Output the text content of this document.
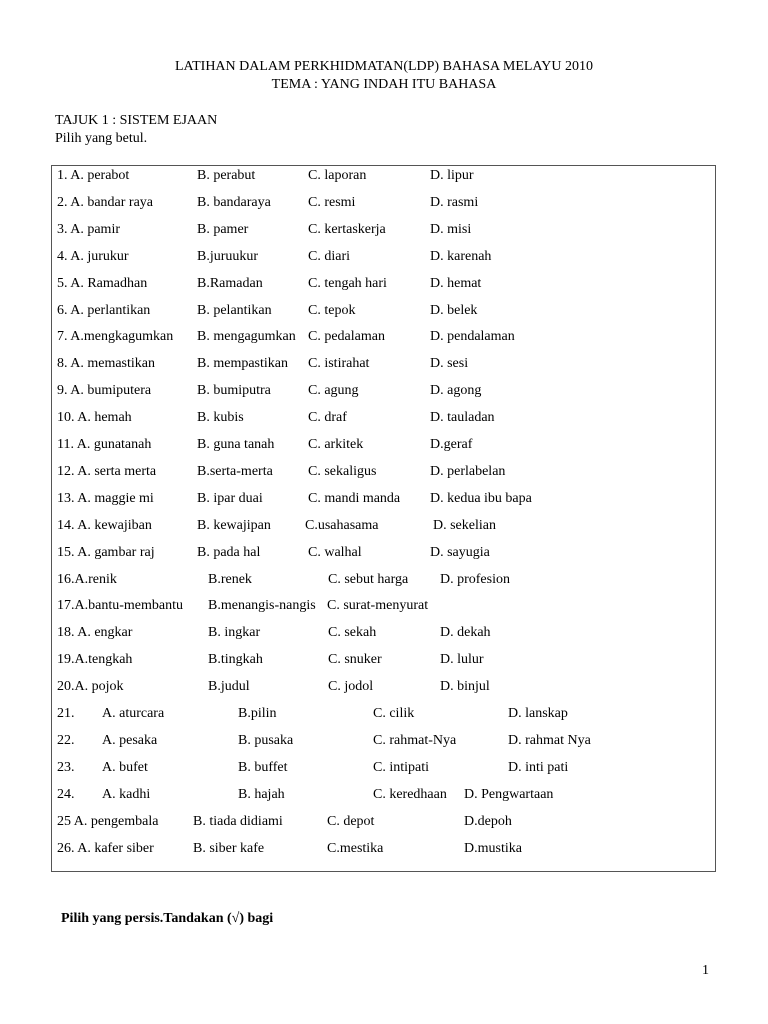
LATIHAN DALAM PERKHIDMATAN(LDP) BAHASA MELAYU 2010
TEMA : YANG INDAH ITU BAHASA
TAJUK 1 : SISTEM EJAAN
Pilih yang betul.
1. A. perabot	B. perabut	C. laporan	D. lipur
2. A. bandar raya	B. bandaraya	C. resmi	D. rasmi
3. A. pamir	B. pamer	C. kertaskerja	D. misi
4. A. jurukur	B.juruukur	C. diari	D. karenah
5. A. Ramadhan	B.Ramadan	C. tengah hari	D. hemat
6. A. perlantikan	B. pelantikan	C. tepok	D. belek
7. A.mengkagumkan B. mengagumkan C. pedalaman	D. pendalaman
8. A. memastikan	B. mempastikan C. istirahat	D. sesi
9. A. bumiputera	B. bumiputra	C. agung	D. agong
10. A. hemah	B. kubis	C. draf	D. tauladan
11. A. gunatanah	B. guna tanah C. arkitek	D.geraf
12. A. serta merta	B.serta-merta	C. sekaligus	D. perlabelan
13. A. maggie mi	B. ipar duai	C. mandi manda D. kedua ibu bapa
14. A. kewajiban	B. kewajipan C.usahasama	D. sekelian
15. A. gambar raj	B. pada hal	C. walhal	D. sayugia
16.A.renik	B.renek	C. sebut harga D. profesion
17.A.bantu-membantu B.menangis-nangis C. surat-menyurat
18. A. engkar	B. ingkar	C. sekah	D. dekah
19.A.tengkah	B.tingkah	C. snuker	D. lulur
20.A. pojok	B.judul	C. jodol	D. binjul
21. A. aturcara	B.pilin	C. cilik	D. lanskap
22. A. pesaka	B. pusaka	C. rahmat-Nya	D. rahmat Nya
23. A. bufet	B. buffet	C. intipati	D. inti pati
24. A. kadhi	B. hajah	C. keredhaan D. Pengwartaan
25 A. pengembala B. tiada didiami	C. depot	D.depoh
26. A. kafer siber	B. siber kafe	C.mestika	D.mustika
Pilih yang persis.Tandakan (√) bagi
1
